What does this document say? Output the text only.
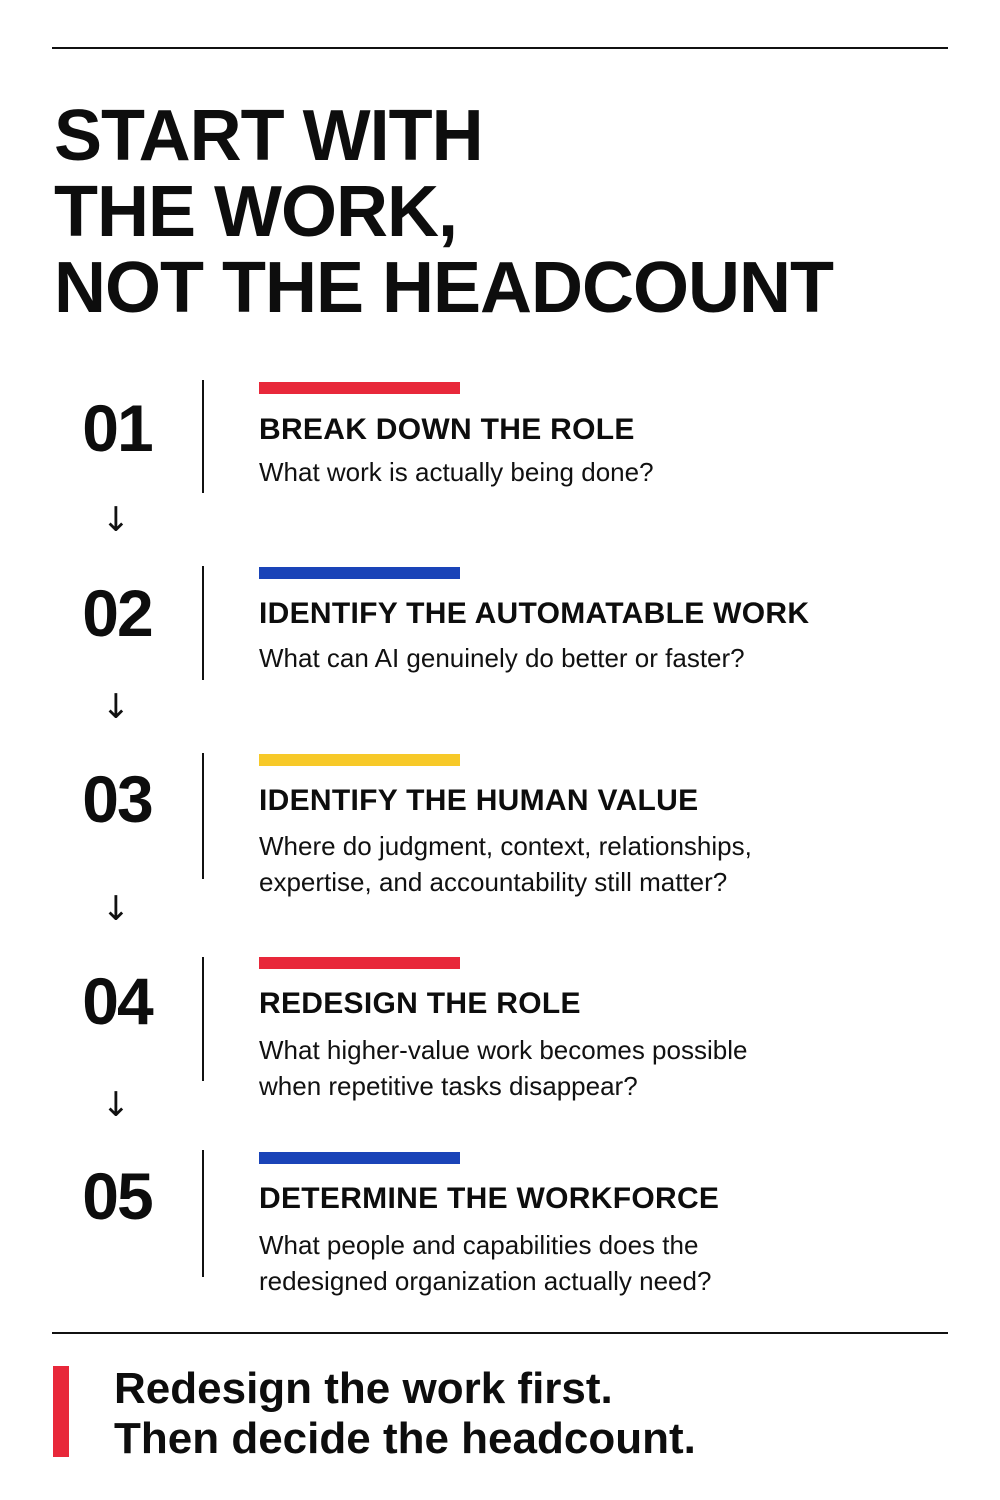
START WITH
THE WORK,
NOT THE HEADCOUNT
01	BREAK DOWN THE ROLE
What work is actually being done?
↓
02	IDENTIFY THE AUTOMATABLE WORK
What can AI genuinely do better or faster?
↓
03	IDENTIFY THE HUMAN VALUE
Where do judgment, context, relationships,
expertise, and accountability still matter?
↓
04	REDESIGN THE ROLE
What higher-value work becomes possible
when repetitive tasks disappear?
↓
05	DETERMINE THE WORKFORCE
What people and capabilities does the
redesigned organization actually need?
Redesign the work first.
Then decide the headcount.
